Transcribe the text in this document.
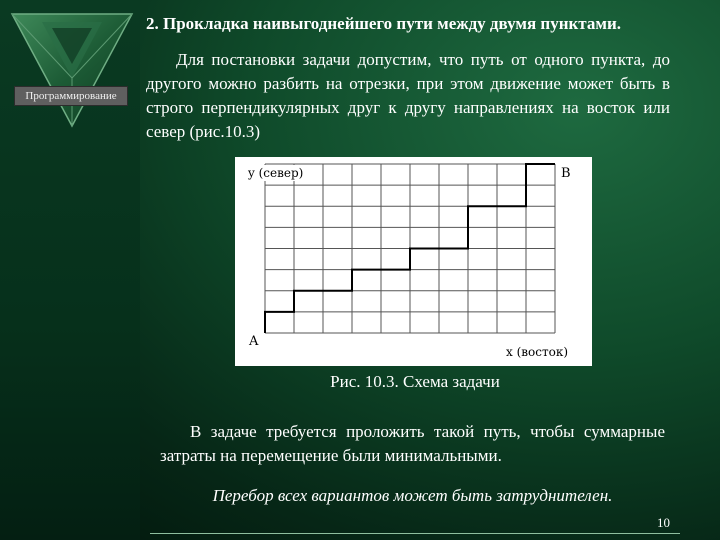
Программирование
2. Прокладка наивыгоднейшего пути между двумя пунктами.
Для постановки задачи допустим, что путь от одного пункта, до другого можно разбить на отрезки, при этом движение может быть в строго перпендикулярных друг к другу направлениях на восток или север (рис.10.3)
y (север)
x (восток)
A
B
Рис. 10.3. Схема задачи
В задаче требуется проложить такой путь, чтобы суммарные затраты на перемещение были минимальными.
Перебор всех вариантов может быть затруднителен.
10
